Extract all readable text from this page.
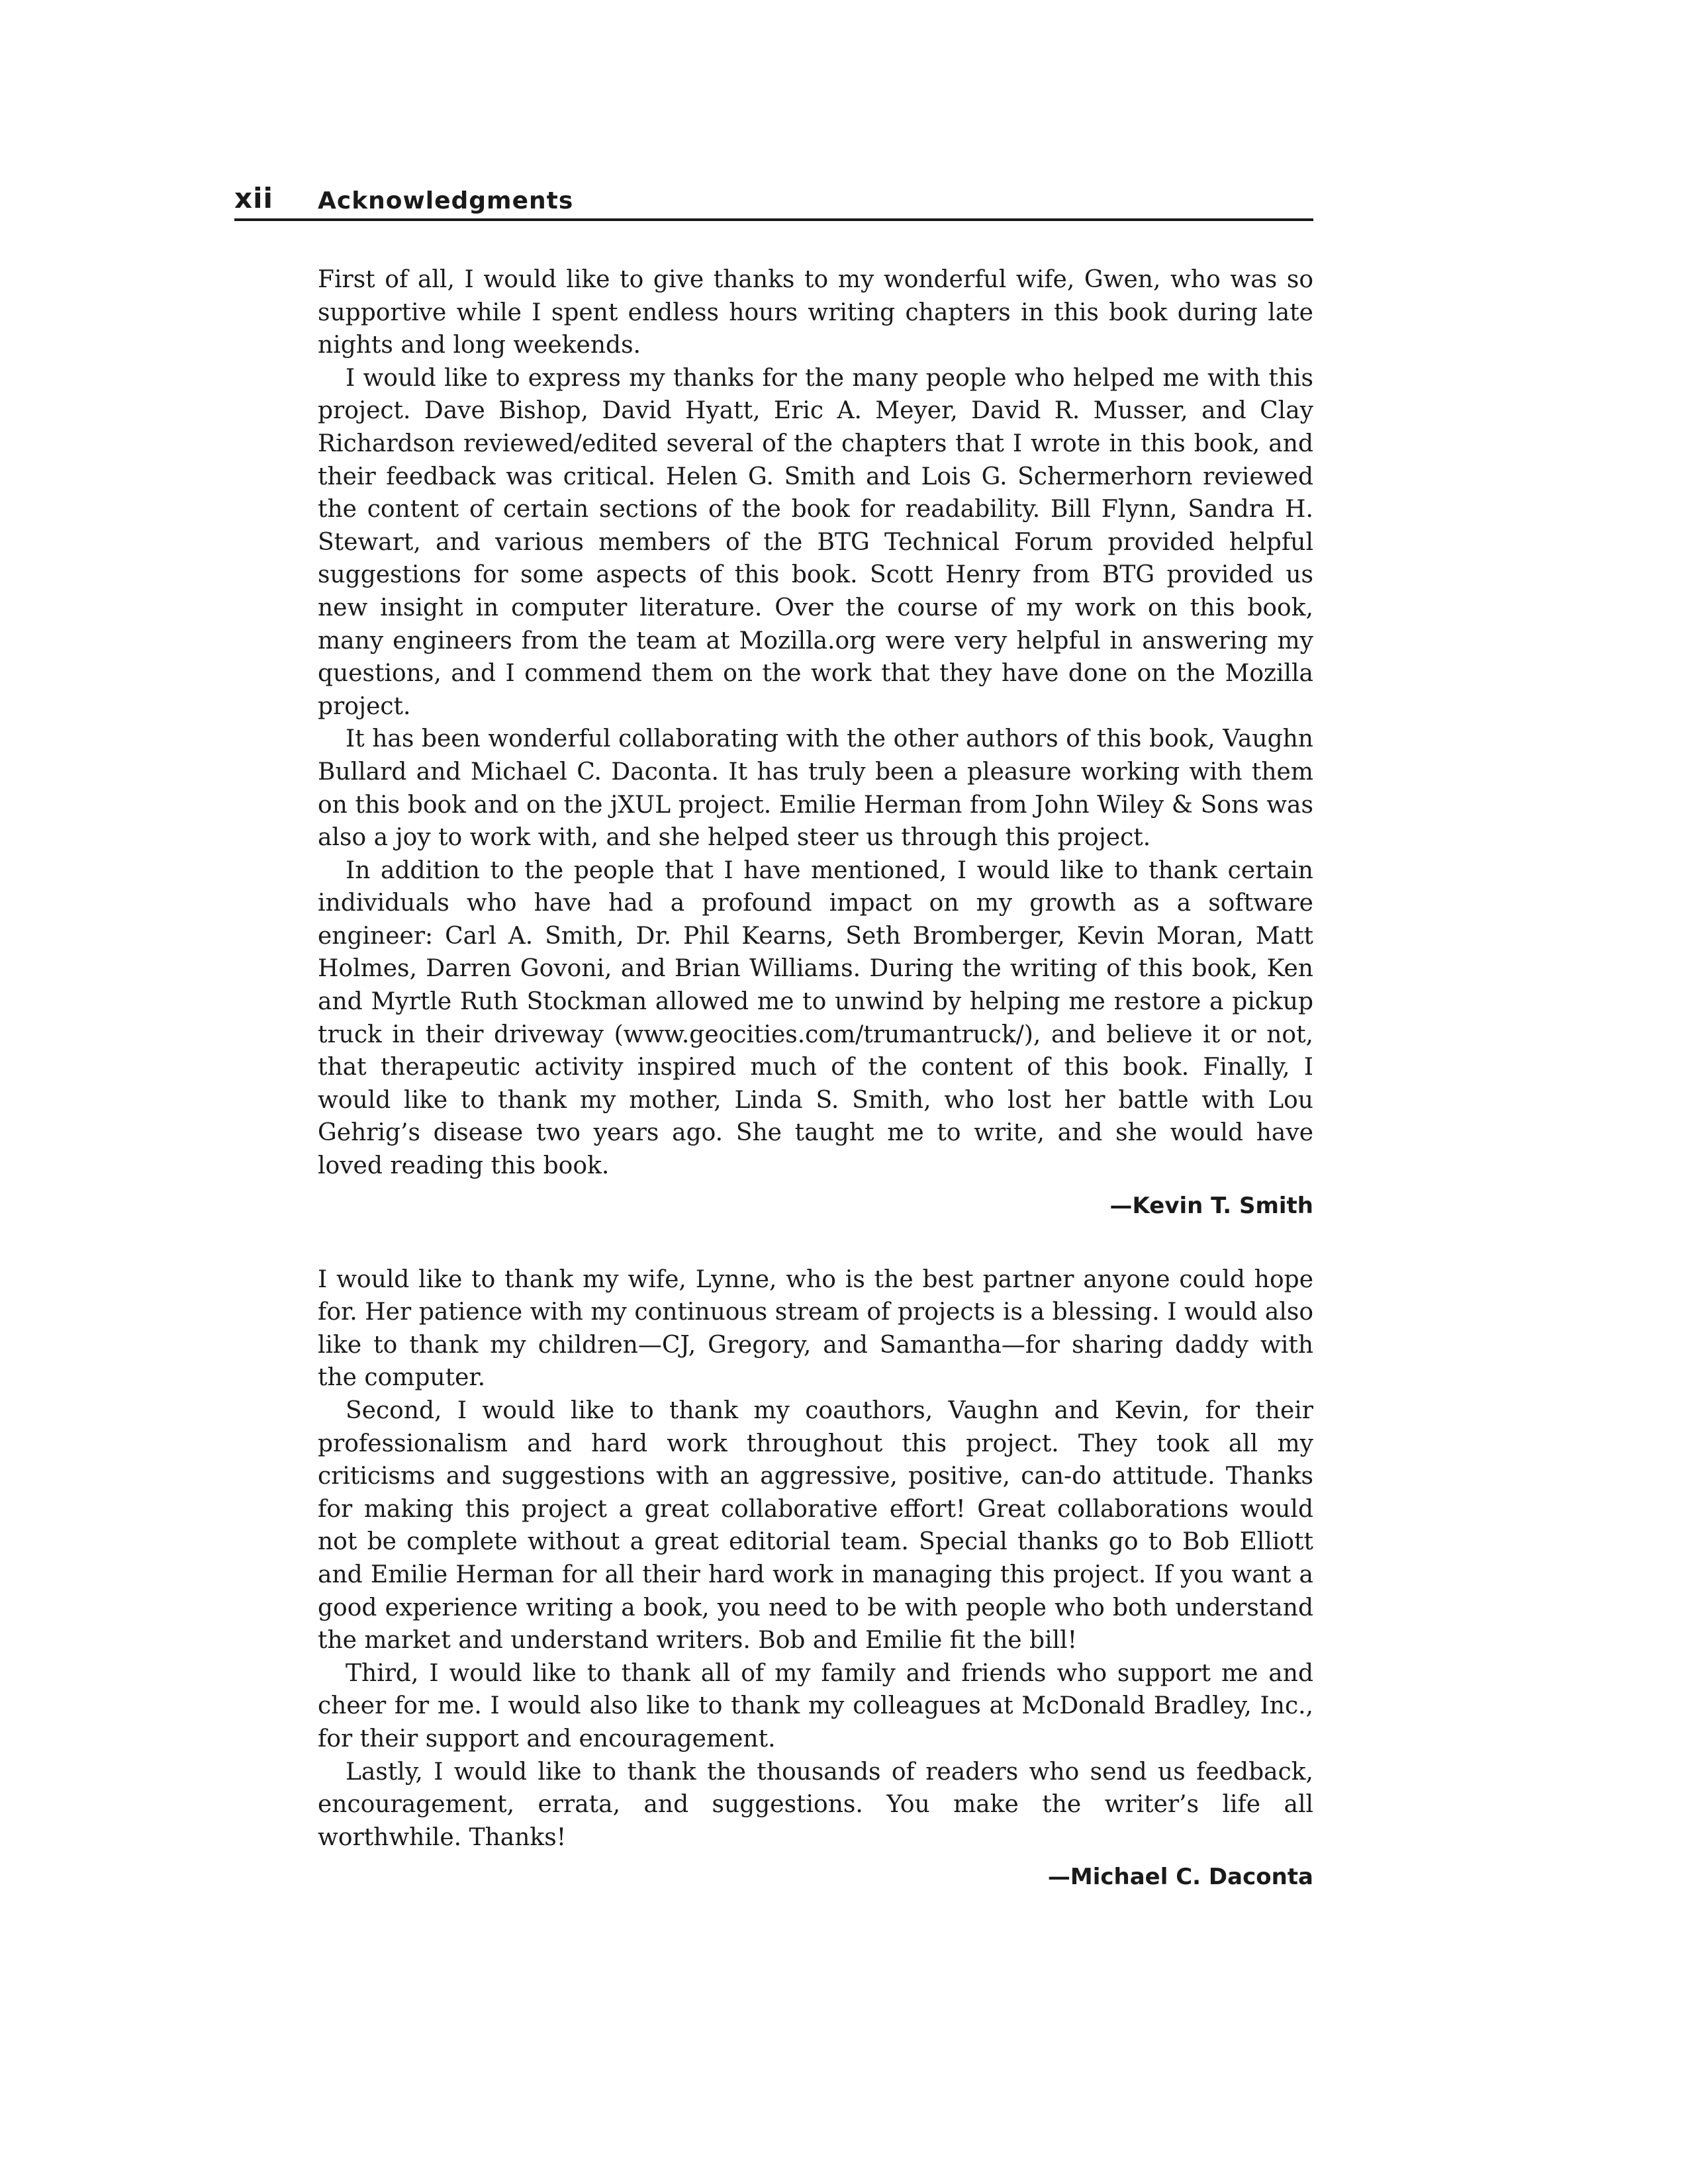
xii Acknowledgments

First of all, I would like to give thanks to my wonderful wife, Gwen, who was so supportive while I spent endless hours writing chapters in this book during late nights and long weekends.

I would like to express my thanks for the many people who helped me with this project. Dave Bishop, David Hyatt, Eric A. Meyer, David R. Musser, and Clay Richardson reviewed/edited several of the chapters that I wrote in this book, and their feedback was critical. Helen G. Smith and Lois G. Schermerhorn reviewed the content of certain sections of the book for readability. Bill Flynn, Sandra H. Stewart, and various members of the BTG Technical Forum provided helpful suggestions for some aspects of this book. Scott Henry from BTG provided us new insight in computer literature. Over the course of my work on this book, many engineers from the team at Mozilla.org were very helpful in answering my questions, and I commend them on the work that they have done on the Mozilla project.

It has been wonderful collaborating with the other authors of this book, Vaughn Bullard and Michael C. Daconta. It has truly been a pleasure working with them on this book and on the jXUL project. Emilie Herman from John Wiley & Sons was also a joy to work with, and she helped steer us through this project.

In addition to the people that I have mentioned, I would like to thank certain individuals who have had a profound impact on my growth as a software engineer: Carl A. Smith, Dr. Phil Kearns, Seth Bromberger, Kevin Moran, Matt Holmes, Darren Govoni, and Brian Williams. During the writing of this book, Ken and Myrtle Ruth Stockman allowed me to unwind by helping me restore a pickup truck in their driveway (www.geocities.com/trumantruck/), and believe it or not, that therapeutic activity inspired much of the content of this book. Finally, I would like to thank my mother, Linda S. Smith, who lost her battle with Lou Gehrig’s disease two years ago. She taught me to write, and she would have loved reading this book.

—Kevin T. Smith

I would like to thank my wife, Lynne, who is the best partner anyone could hope for. Her patience with my continuous stream of projects is a blessing. I would also like to thank my children—CJ, Gregory, and Samantha—for sharing daddy with the computer.

Second, I would like to thank my coauthors, Vaughn and Kevin, for their professionalism and hard work throughout this project. They took all my criticisms and suggestions with an aggressive, positive, can-do attitude. Thanks for making this project a great collaborative effort! Great collaborations would not be complete without a great editorial team. Special thanks go to Bob Elliott and Emilie Herman for all their hard work in managing this project. If you want a good experience writing a book, you need to be with people who both understand the market and understand writers. Bob and Emilie fit the bill!

Third, I would like to thank all of my family and friends who support me and cheer for me. I would also like to thank my colleagues at McDonald Bradley, Inc., for their support and encouragement.

Lastly, I would like to thank the thousands of readers who send us feedback, encouragement, errata, and suggestions. You make the writer’s life all worthwhile. Thanks!

—Michael C. Daconta
